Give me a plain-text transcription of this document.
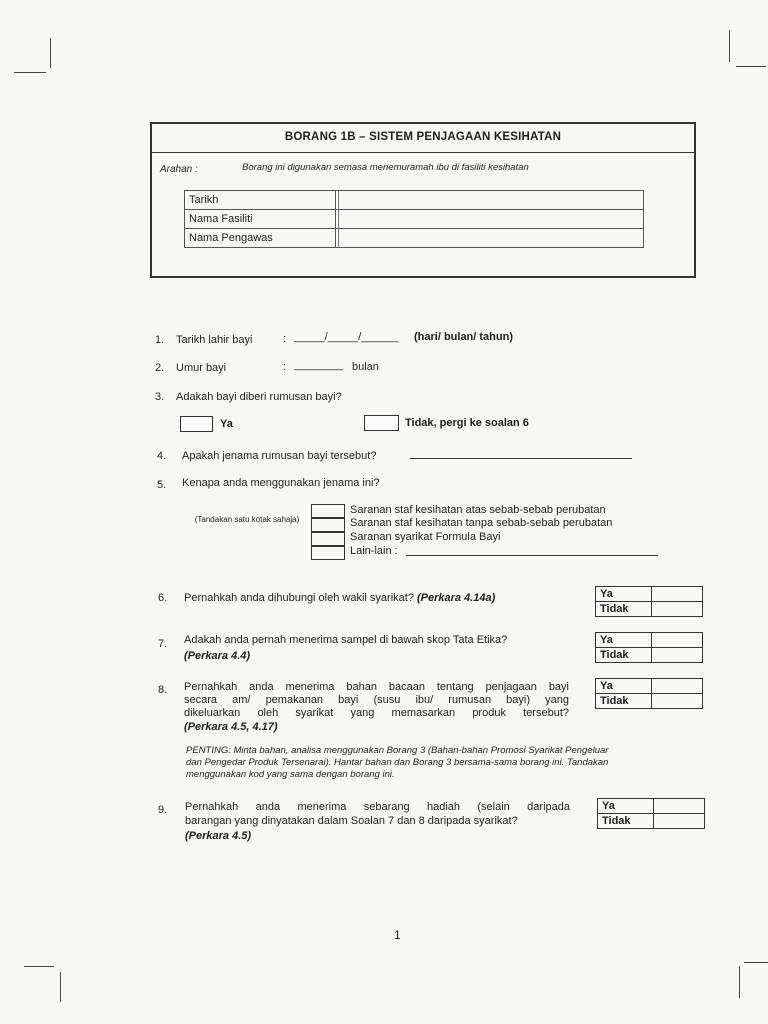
BORANG 1B – SISTEM PENJAGAAN KESIHATAN
Arahan :	Borang ini digunakan semasa menemuramah ibu di fasiliti kesihatan
Tarikh	
Nama Fasiliti	
Nama Pengawas	
1. Tarikh lahir bayi	: _____/_____/______ (hari/ bulan/ tahun)
2. Umur bayi	: ________ bulan
3. Adakah bayi diberi rumusan bayi?
Ya	Tidak, pergi ke soalan 6
4. Apakah jenama rumusan bayi tersebut?
5. Kenapa anda menggunakan jenama ini?
(Tandakan satu kotak sahaja)
Saranan staf kesihatan atas sebab-sebab perubatan
Saranan staf kesihatan tanpa sebab-sebab perubatan
Saranan syarikat Formula Bayi
Lain-lain :
6. Pernahkah anda dihubungi oleh wakil syarikat? (Perkara 4.14a)	Ya	
Tidak	
7. Adakah anda pernah menerima sampel di bawah skop Tata Etika?
(Perkara 4.4)
Ya	
Tidak	
8. Pernahkah anda menerima bahan bacaan tentang penjagaan bayi
secara am/ pemakanan bayi (susu ibu/ rumusan bayi) yang
dikeluarkan oleh syarikat yang memasarkan produk tersebut?
(Perkara 4.5, 4.17)
Ya	
Tidak	
PENTING: Minta bahan, analisa menggunakan Borang 3 (Bahan-bahan Promosi Syarikat Pengeluar
dan Pengedar Produk Tersenarai). Hantar bahan dan Borang 3 bersama-sama borang ini. Tandakan
menggunakan kod yang sama dengan borang ini.
9. Pernahkah anda menerima sebarang hadiah (selain daripada
barangan yang dinyatakan dalam Soalan 7 dan 8 daripada syarikat?
(Perkara 4.5)
Ya	
Tidak	
1
